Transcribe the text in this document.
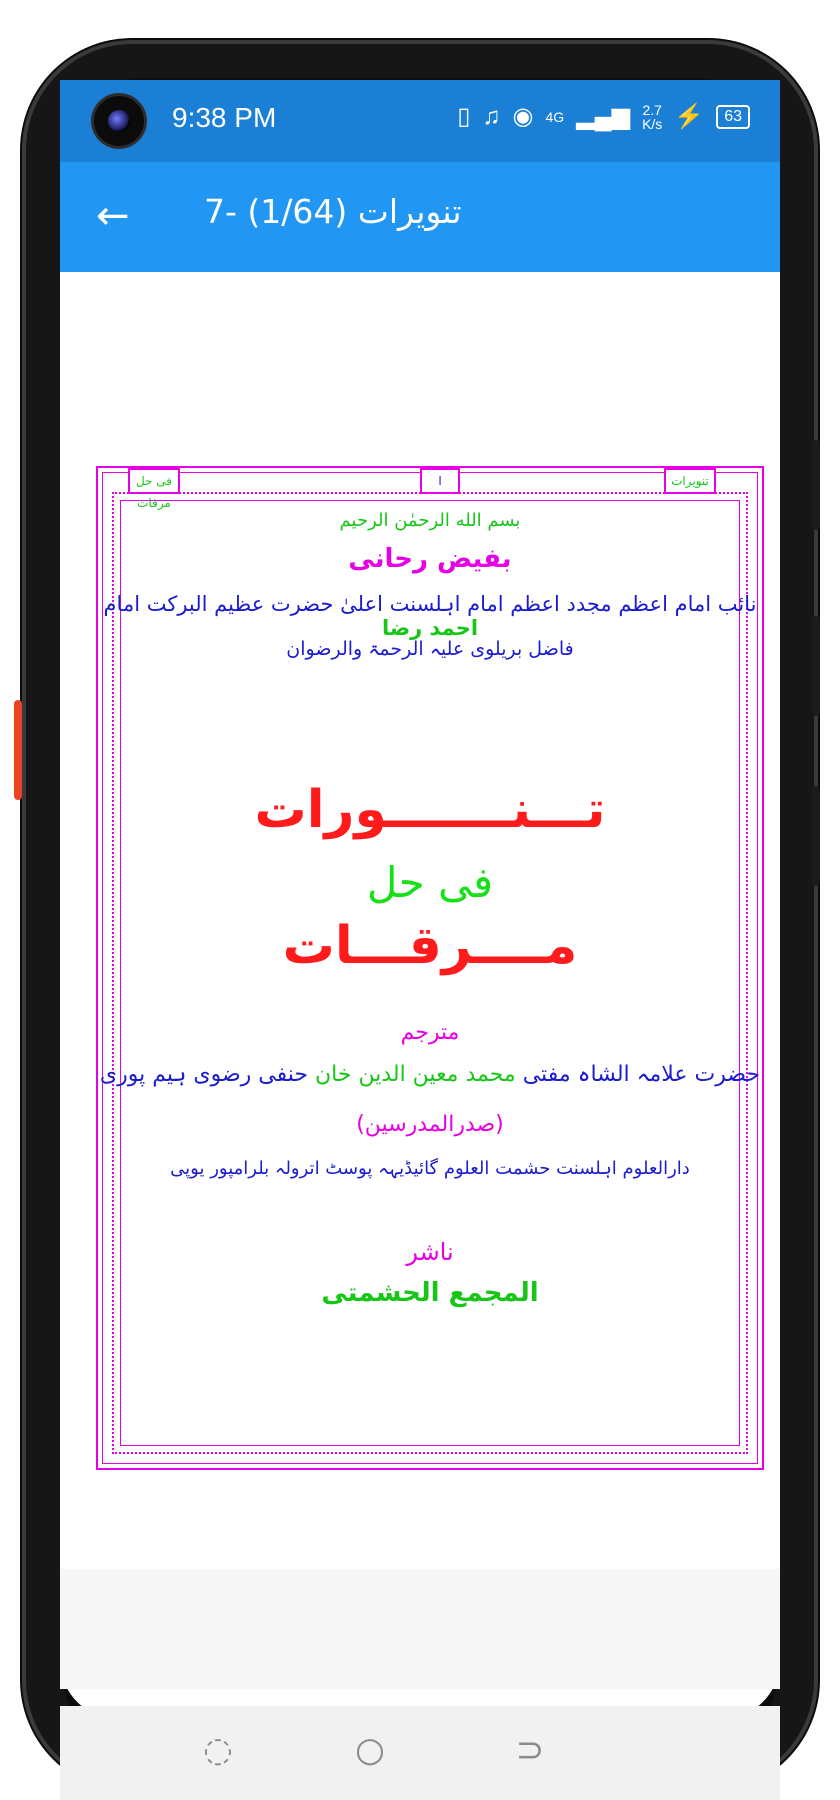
9:38 PM	▯ ♫ ◉ 4G ▂▄▆ 2.7
K/s ⚡	63
← 7- تنویرات (1/64)
فی حل مرقات
ا	تنویرات
بسم الله الرحمٰن الرحیم
بفیض رحانی
نائب امام اعظم مجدد اعظم امام اہلسنت اعلیٰ حضرت عظیم البرکت امام احمد رضا
فاضل بریلوی علیہ الرحمۃ والرضوان
تـــنـــــــورات
فی حل
مــــرقـــات
مترجم
حضرت علامہ الشاہ مفتی محمد معین الدین خان حنفی رضوی ہیم پوری
(صدرالمدرسین)
دارالعلوم اہلسنت حشمت العلوم گائیڈیہہ پوسٹ اترولہ بلرامپور یوپی
ناشر
المجمع الحشمتی
◌	○	⊃
